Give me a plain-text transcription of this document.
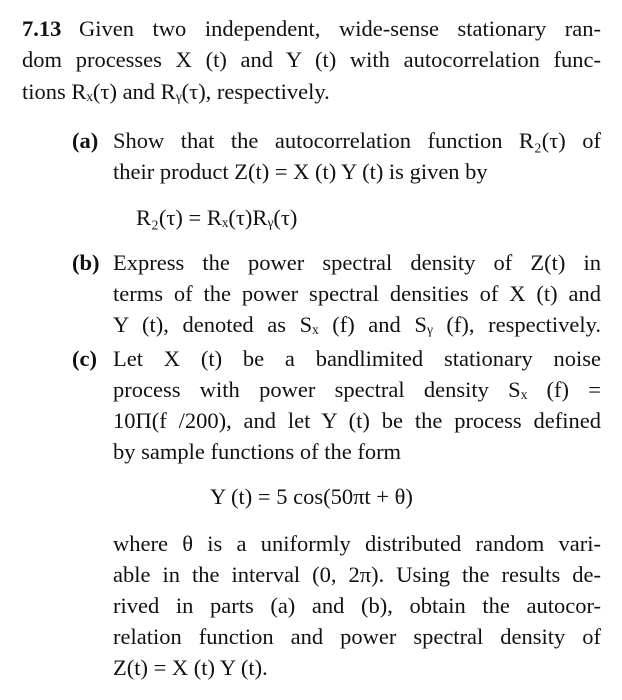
7.13 Given two independent, wide-sense stationary ran-
dom processes X (t) and Y (t) with autocorrelation func-
tions Rₓ(τ) and Rᵧ(τ), respectively.
(a) Show that the autocorrelation function R₂(τ) of
their product Z(t) = X (t) Y (t) is given by
R₂(τ) = Rₓ(τ)Rᵧ(τ)
(b) Express the power spectral density of Z(t) in
terms of the power spectral densities of X (t) and
Y (t), denoted as Sₓ (f) and Sᵧ (f), respectively.
(c) Let X (t) be a bandlimited stationary noise
process with power spectral density Sₓ (f) =
10Π(f /200), and let Y (t) be the process defined
by sample functions of the form
Y (t) = 5 cos(50πt + θ)
where θ is a uniformly distributed random vari-
able in the interval (0, 2π). Using the results de-
rived in parts (a) and (b), obtain the autocor-
relation function and power spectral density of
Z(t) = X (t) Y (t).
